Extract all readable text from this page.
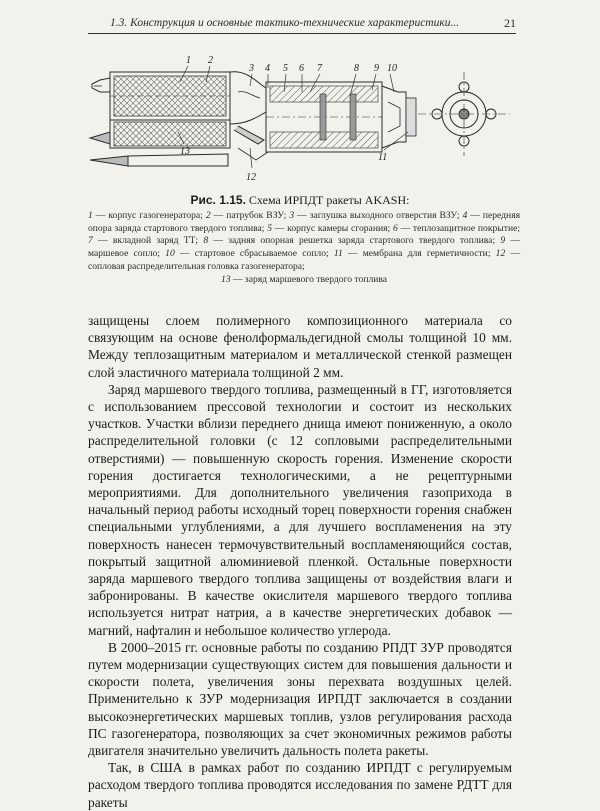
1.3. Конструкция и основные тактико-технические характеристики...	21
1 2
3 4 5 6 7	8 9 10
11
12
13
Рис. 1.15. Схема ИРПДТ ракеты AKASH:
1 — корпус газогенератора; 2 — патрубок ВЗУ; 3 — заглушка выходного отверстия ВЗУ; 4 — передняя опора заряда стартового твердого топлива; 5 — корпус камеры сгорания; 6 — теплозащитное покрытие; 7 — вкладной заряд ТТ; 8 — задняя опорная решетка заряда стартового твердого топлива; 9 — маршевое сопло; 10 — стартовое сбрасываемое сопло; 11 — мембрана для герметичности; 12 — сопловая распределительная головка газогенератора;
13 — заряд маршевого твердого топлива

защищены слоем полимерного композиционного материала со связующим на основе фенолформальдегидной смолы толщиной 10 мм. Между теплозащитным материалом и металлической стенкой размещен слой эластичного материала толщиной 2 мм.

Заряд маршевого твердого топлива, размещенный в ГГ, изготовляется с использованием прессовой технологии и состоит из нескольких участков. Участки вблизи переднего днища имеют пониженную, а около распределительной головки (с 12 сопловыми распределительными отверстиями) — повышенную скорость горения. Изменение скорости горения достигается технологическими, а не рецептурными мероприятиями. Для дополнительного увеличения газоприхода в начальный период работы исходный торец поверхности горения снабжен специальными углублениями, а для лучшего воспламенения на эту поверхность нанесен термочувствительный воспламеняющийся состав, покрытый защитной алюминиевой пленкой. Остальные поверхности заряда маршевого твердого топлива защищены от воздействия влаги и забронированы. В качестве окислителя маршевого твердого топлива используется нитрат натрия, а в качестве энергетических добавок — магний, нафталин и небольшое количество углерода.

В 2000–2015 гг. основные работы по созданию РПДТ ЗУР проводятся путем модернизации существующих систем для повышения дальности и скорости полета, увеличения зоны перехвата воздушных целей. Применительно к ЗУР модернизация ИРПДТ заключается в создании высокоэнергетических маршевых топлив, узлов регулирования расхода ПС газогенератора, позволяющих за счет экономичных режимов работы двигателя значительно увеличить дальность полета ракеты.

Так, в США в рамках работ по созданию ИРПДТ с регулируемым расходом твердого топлива проводятся исследования по замене РДТТ для ракеты
